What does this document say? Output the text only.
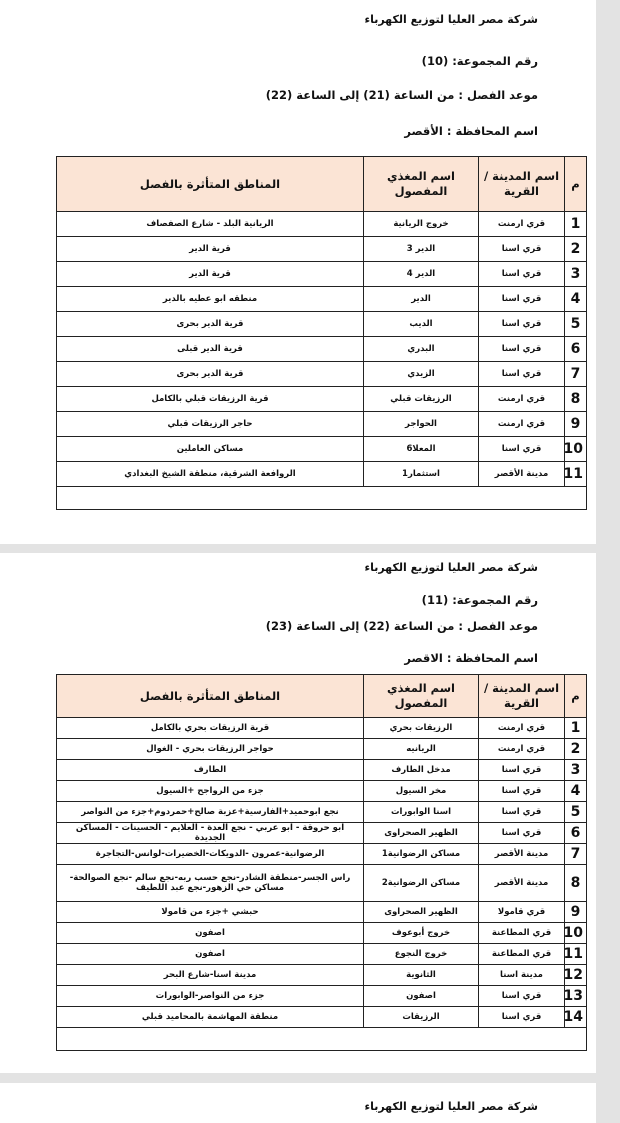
شركة مصر العليا لتوزيع الكهرباء
رقم المجموعة: (10)
موعد الفصل : من الساعة (21) إلى الساعة (22)
اسم المحافظة : الأقصر
م	اسم المدينة / القرية	اسم المغذي المفصول	المناطق المتأثرة بالفصل
1	قري ارمنت	خروج الريانية	الريانية البلد - شارع الصفصاف
2	قري اسنا	الدير 3	قرية الدير
3	قري اسنا	الدير 4	قرية الدير
4	قري اسنا	الدير	منطقه ابو عطيه بالدير
5	قري اسنا	الديب	قرية الدير بحرى
6	قري اسنا	البدري	قرية الدير قبلى
7	قري اسنا	الزيدي	قرية الدير بحرى
8	قري ارمنت	الرزيقات قبلي	قرية الرزيقات قبلي بالكامل
9	قري ارمنت	الحواجر	حاجر الرزيقات قبلي
10	قري اسنا	المعلا6	مساكن العاملين
11	مدينة الأقصر	استثمار1	الروافعة الشرقية، منطقة الشيخ البغدادي

شركة مصر العليا لتوزيع الكهرباء
رقم المجموعة: (11)
موعد الفصل : من الساعة (22) إلى الساعة (23)
اسم المحافظة : الاقصر
م	اسم المدينة / القرية	اسم المغذي المفصول	المناطق المتأثرة بالفصل
1	قري ارمنت	الرزيقات بحري	قرية الرزيقات بحري بالكامل
2	قري ارمنت	الريانيه	حواجر الرزيقات بحري - الغوال
3	قري اسنا	مدخل الطارف	الطارف
4	قري اسنا	مخر السيول	جزء من الرواجح +السيول
5	قري اسنا	اسنا الوابورات	نجع ابوحميد+الفارسية+عزبة صالح+حمردوم+جزء من النواصر
6	قري اسنا	الظهير الصحراوى	ابو حروقة - ابو عربي - نجع العدة - العلايم - الحسينات - المساكن الجديدة
7	مدينة الأقصر	مساكن الرضوانية1	الرضوانية-عمرون -الدويكات-الخضيرات-لوانس-التجاجرة
8	مدينة الأقصر	مساكن الرضوانية2	راس الجسر-منطقة الشادر-نجع حسب ربه-نجع سالم -نجع الصوالحة-مساكن حي الزهور-نجع عبد اللطيف
9	قري قامولا	الظهير الصحراوى	حبشي +جزء من قامولا
10	قري المطاعنة	خروج أبوعوف	اصفون
11	قري المطاعنة	خروج النجوع	اصفون
12	مدينة اسنا	الثانوية	مدينة اسنا-شارع البحر
13	قري اسنا	اصفون	جزء من النواصر-الوابورات
14	قري اسنا	الرزيقات	منطقة المهاشمة بالمحاميد قبلي

شركة مصر العليا لتوزيع الكهرباء
